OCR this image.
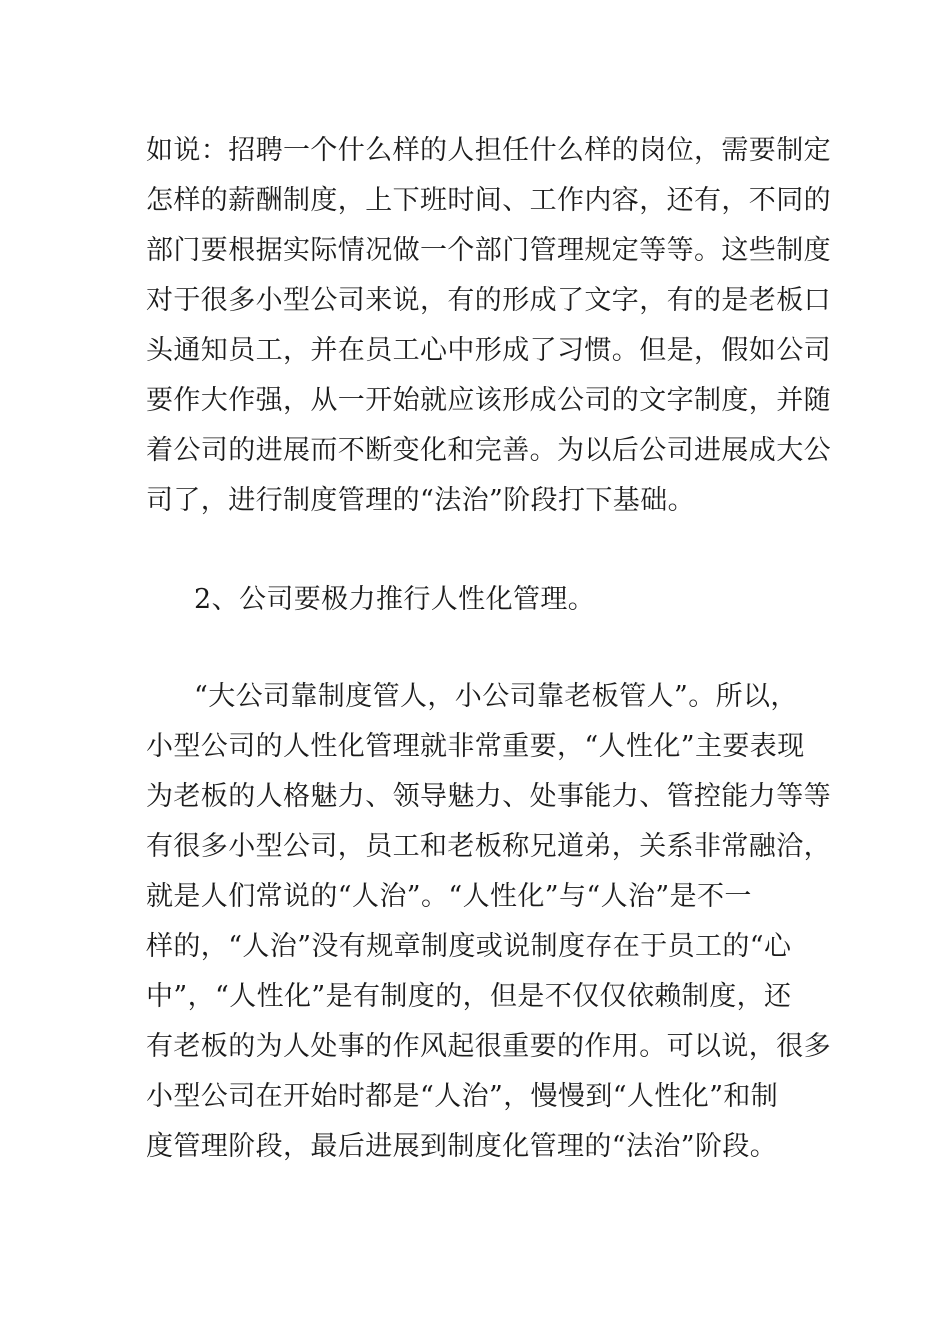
如说：招聘一个什么样的人担任什么样的岗位，需要制定
怎样的薪酬制度，上下班时间、工作内容，还有，不同的
部门要根据实际情况做一个部门管理规定等等。这些制度
对于很多小型公司来说，有的形成了文字，有的是老板口
头通知员工，并在员工心中形成了习惯。但是，假如公司
要作大作强，从一开始就应该形成公司的文字制度，并随
着公司的进展而不断变化和完善。为以后公司进展成大公
司了，进行制度管理的“法治”阶段打下基础。
2、公司要极力推行人性化管理。
“大公司靠制度管人，小公司靠老板管人”。所以，
小型公司的人性化管理就非常重要，“人性化”主要表现
为老板的人格魅力、领导魅力、处事能力、管控能力等等
有很多小型公司，员工和老板称兄道弟，关系非常融洽，
就是人们常说的“人治”。“人性化”与“人治”是不一
样的，“人治”没有规章制度或说制度存在于员工的“心
中”，“人性化”是有制度的，但是不仅仅依赖制度，还
有老板的为人处事的作风起很重要的作用。可以说，很多
小型公司在开始时都是“人治”，慢慢到“人性化”和制
度管理阶段，最后进展到制度化管理的“法治”阶段。
